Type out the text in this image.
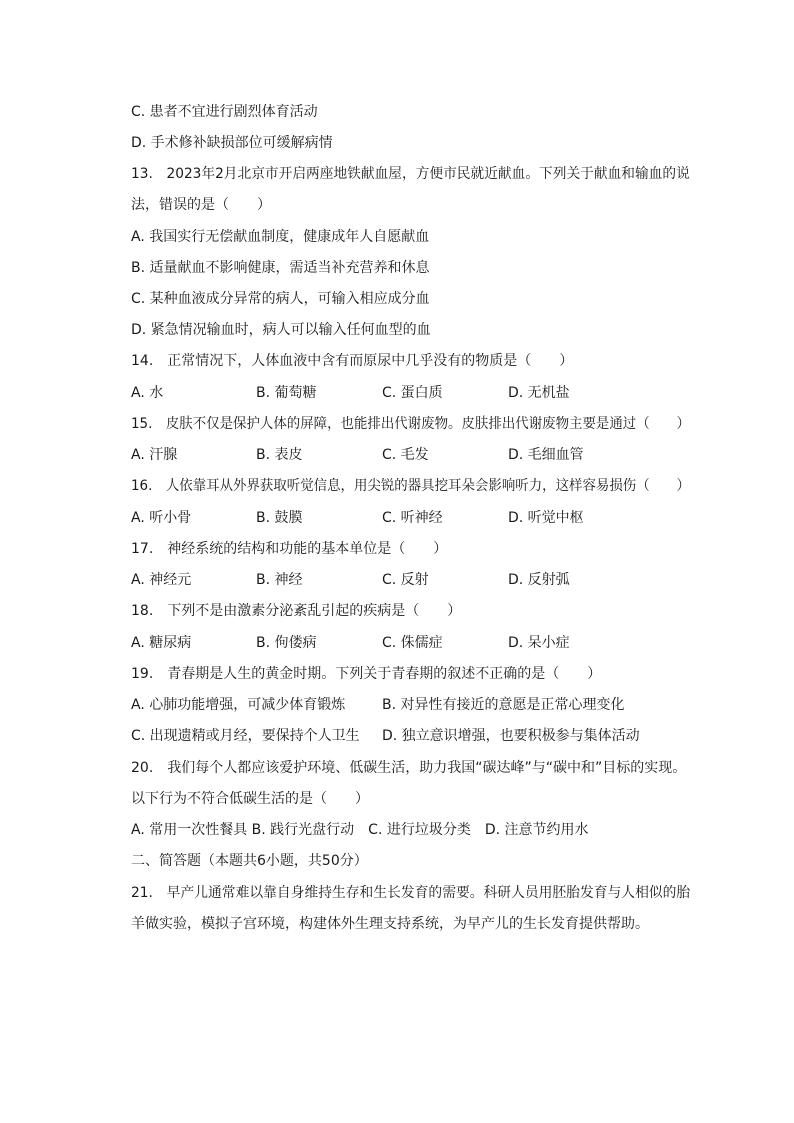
C. 患者不宜进行剧烈体育活动
D. 手术修补缺损部位可缓解病情
13.　2023年2月北京市开启两座地铁献血屋，方便市民就近献血。下列关于献血和输血的说
法，错误的是（　　）
A. 我国实行无偿献血制度，健康成年人自愿献血
B. 适量献血不影响健康，需适当补充营养和休息
C. 某种血液成分异常的病人，可输入相应成分血
D. 紧急情况输血时，病人可以输入任何血型的血
14.　正常情况下，人体血液中含有而原尿中几乎没有的物质是（　　）
A. 水	B. 葡萄糖	C. 蛋白质	D. 无机盐
15.　皮肤不仅是保护人体的屏障，也能排出代谢废物。皮肤排出代谢废物主要是通过（　　）
A. 汗腺	B. 表皮	C. 毛发	D. 毛细血管
16.　人依靠耳从外界获取听觉信息，用尖锐的器具挖耳朵会影响听力，这样容易损伤（　　）
A. 听小骨	B. 鼓膜	C. 听神经	D. 听觉中枢
17.　神经系统的结构和功能的基本单位是（　　）
A. 神经元	B. 神经	C. 反射	D. 反射弧
18.　下列不是由激素分泌紊乱引起的疾病是（　　）
A. 糖尿病	B. 佝偻病	C. 侏儒症	D. 呆小症
19.　青春期是人生的黄金时期。下列关于青春期的叙述不正确的是（　　）
A. 心肺功能增强，可减少体育锻炼	B. 对异性有接近的意愿是正常心理变化
C. 出现遗精或月经，要保持个人卫生 D. 独立意识增强，也要积极参与集体活动
20.　我们每个人都应该爱护环境、低碳生活，助力我国“碳达峰”与“碳中和”目标的实现。
以下行为不符合低碳生活的是（　　）
A. 常用一次性餐具 B. 践行光盘行动　C. 进行垃圾分类　D. 注意节约用水
二、简答题（本题共6小题，共50分）
21.　早产儿通常难以靠自身维持生存和生长发育的需要。科研人员用胚胎发育与人相似的胎
羊做实验，模拟子宫环境，构建体外生理支持系统，为早产儿的生长发育提供帮助。
